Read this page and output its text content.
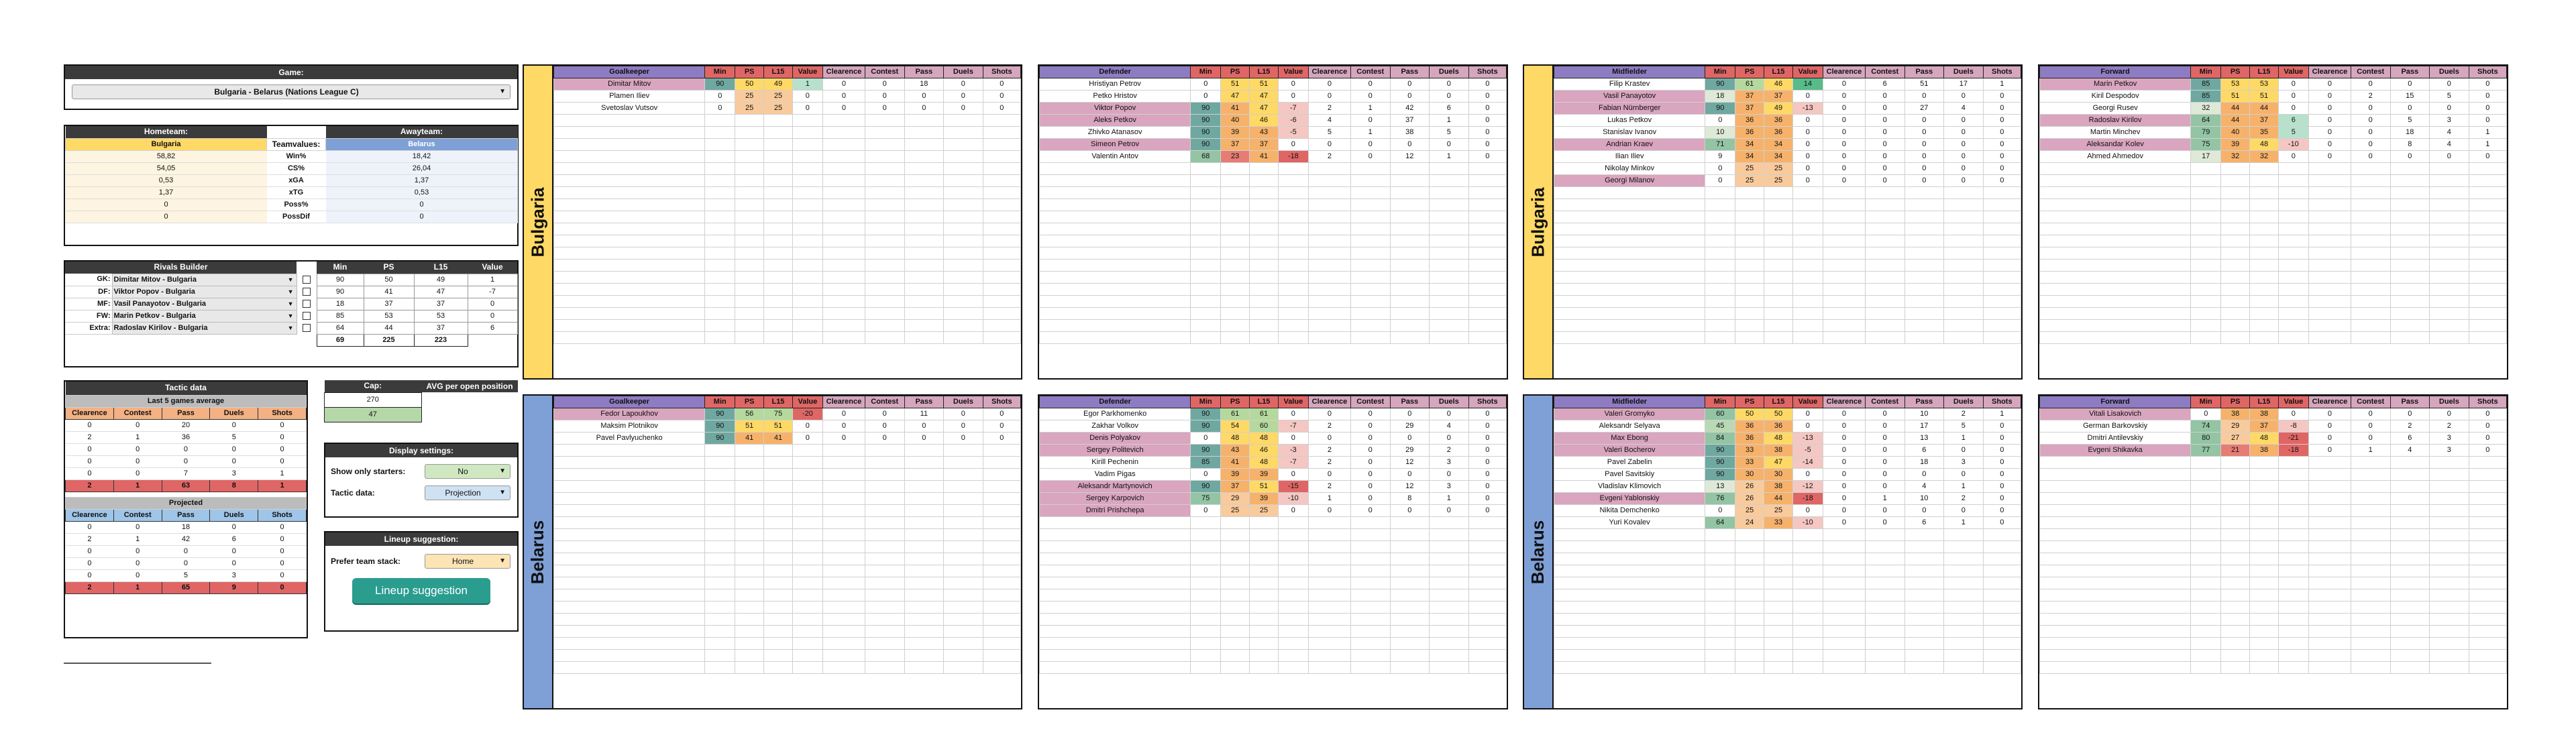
Game:
Bulgaria - Belarus (Nations League C)	▼
Hometeam:		Awayteam:
Bulgaria	Teamvalues:	Belarus
58,82	Win%	18,42
54,05	CS%	26,04
0,53	xGA	1,37
1,37	xTG	0,53
0	Poss%	0
0	PossDif	0
Rivals Builder			Min	PS	L15	Value
GK:	Dimitar Mitov - Bulgaria ▼		90	50	49	1
DF:	Viktor Popov - Bulgaria ▼		90	41	47	-7
MF:	Vasil Panayotov - Bulgaria ▼		18	37	37	0
FW:	Marin Petkov - Bulgaria ▼		85	53	53	0
Extra:	Radoslav Kirilov - Bulgaria ▼		64	44	37	6
			69	225	223	
Tactic data				
Last 5 games average				
Clearence	Contest	Pass	Duels	Shots
0	0	20	0	0
2	1	36	5	0
0	0	0	0	0
0	0	0	0	0
0	0	7	3	1
2	1	63	8	1

Projected				
Clearence	Contest	Pass	Duels	Shots
0	0	18	0	0
2	1	42	6	0
0	0	0	0	0
0	0	0	0	0
0	0	5	3	0
2	1	65	9	0
Cap:	AVG per open position
270	
47	
Display settings:
Show only starters:	No	▼
Tactic data:	Projection	▼
Lineup suggestion:
Prefer team stack:	Home	▼
Lineup suggestion
Bulgaria	Bulgaria
Goalkeeper	Min	PS	L15	Value	Clearence	Contest	Pass	Duels	Shots
Dimitar Mitov	90	50	49	1	0	0	18	0	0
Plamen Iliev	0	25	25	0	0	0	0	0	0
Svetoslav Vutsov	0	25	25	0	0	0	0	0	0

Defender	Min	PS	L15	Value	Clearence	Contest	Pass	Duels	Shots
Hristiyan Petrov	0	51	51	0	0	0	0	0	0
Petko Hristov	0	47	47	0	0	0	0	0	0
Viktor Popov	90	41	47	-7	2	1	42	6	0
Aleks Petkov	90	40	46	-6	4	0	37	1	0
Zhivko Atanasov	90	39	43	-5	5	1	38	5	0
Simeon Petrov	90	37	37	0	0	0	0	0	0
Valentin Antov	68	23	41	-18	2	0	12	1	0

Midfielder	Min	PS	L15	Value	Clearence	Contest	Pass	Duels	Shots
Filip Krastev	90	61	46	14	0	6	51	17	1
Vasil Panayotov	18	37	37	0	0	0	0	0	0
Fabian Nürnberger	90	37	49	-13	0	0	27	4	0
Lukas Petkov	0	36	36	0	0	0	0	0	0
Stanislav Ivanov	10	36	36	0	0	0	0	0	0
Andrian Kraev	71	34	34	0	0	0	0	0	0
Ilian Iliev	9	34	34	0	0	0	0	0	0
Nikolay Minkov	0	25	25	0	0	0	0	0	0
Georgi Milanov	0	25	25	0	0	0	0	0	0

Forward	Min	PS	L15	Value	Clearence	Contest	Pass	Duels	Shots
Marin Petkov	85	53	53	0	0	0	0	0	0
Kiril Despodov	85	51	51	0	0	2	15	5	0
Georgi Rusev	32	44	44	0	0	0	0	0	0
Radoslav Kirilov	64	44	37	6	0	0	5	3	0
Martin Minchev	79	40	35	5	0	0	18	4	1
Aleksandar Kolev	75	39	48	-10	0	0	8	4	1
Ahmed Ahmedov	17	32	32	0	0	0	0	0	0

Belarus	Belarus
Goalkeeper	Min	PS	L15	Value	Clearence	Contest	Pass	Duels	Shots
Fedor Lapoukhov	90	56	75	-20	0	0	11	0	0
Maksim Plotnikov	90	51	51	0	0	0	0	0	0
Pavel Pavlyuchenko	90	41	41	0	0	0	0	0	0

Defender	Min	PS	L15	Value	Clearence	Contest	Pass	Duels	Shots
Egor Parkhomenko	90	61	61	0	0	0	0	0	0
Zakhar Volkov	90	54	60	-7	2	0	29	4	0
Denis Polyakov	0	48	48	0	0	0	0	0	0
Sergey Politevich	90	43	46	-3	2	0	29	2	0
Kirill Pechenin	85	41	48	-7	2	0	12	3	0
Vadim Pigas	0	39	39	0	0	0	0	0	0
Aleksandr Martynovich	90	37	51	-15	2	0	12	3	0
Sergey Karpovich	75	29	39	-10	1	0	8	1	0
Dmitri Prishchepa	0	25	25	0	0	0	0	0	0

Midfielder	Min	PS	L15	Value	Clearence	Contest	Pass	Duels	Shots
Valeri Gromyko	60	50	50	0	0	0	10	2	1
Aleksandr Selyava	45	36	36	0	0	0	17	5	0
Max Ebong	84	36	48	-13	0	0	13	1	0
Valeri Bocherov	90	33	38	-5	0	0	6	0	0
Pavel Zabelin	90	33	47	-14	0	0	18	3	0
Pavel Savitskiy	90	30	30	0	0	0	0	0	0
Vladislav Klimovich	13	26	38	-12	0	0	4	1	0
Evgeni Yablonskiy	76	26	44	-18	0	1	10	2	0
Nikita Demchenko	0	25	25	0	0	0	0	0	0
Yuri Kovalev	64	24	33	-10	0	0	6	1	0

Forward	Min	PS	L15	Value	Clearence	Contest	Pass	Duels	Shots
Vitali Lisakovich	0	38	38	0	0	0	0	0	0
German Barkovskiy	74	29	37	-8	0	0	2	2	0
Dmitri Antilevskiy	80	27	48	-21	0	0	6	3	0
Evgeni Shikavka	77	21	38	-18	0	1	4	3	0
